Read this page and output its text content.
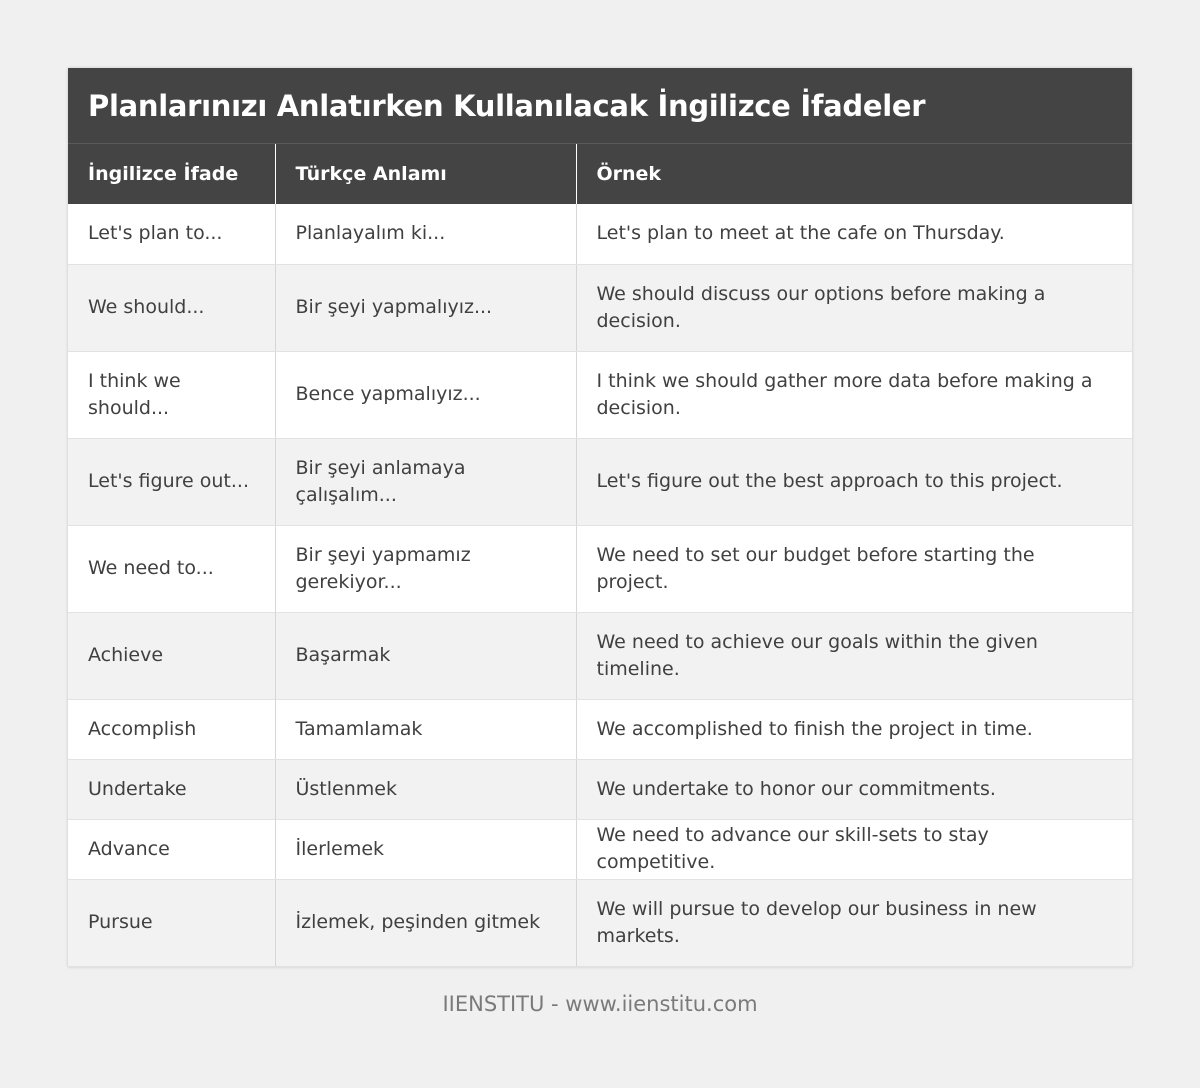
Planlarınızı Anlatırken Kullanılacak İngilizce İfadeler
İngilizce İfade	Türkçe Anlamı	Örnek
Let's plan to...	Planlayalım ki...	Let's plan to meet at the cafe on Thursday.
We should...	Bir şeyi yapmalıyız...	We should discuss our options before making a decision.
I think we should...	Bence yapmalıyız...	I think we should gather more data before making a decision.
Let's figure out...	Bir şeyi anlamaya çalışalım...	Let's figure out the best approach to this project.
We need to...	Bir şeyi yapmamız gerekiyor...	We need to set our budget before starting the project.
Achieve	Başarmak	We need to achieve our goals within the given timeline.
Accomplish	Tamamlamak	We accomplished to finish the project in time.
Undertake	Üstlenmek	We undertake to honor our commitments.
Advance	İlerlemek	We need to advance our skill-sets to stay competitive.
Pursue	İzlemek, peşinden gitmek	We will pursue to develop our business in new markets.
IIENSTITU - www.iienstitu.com
